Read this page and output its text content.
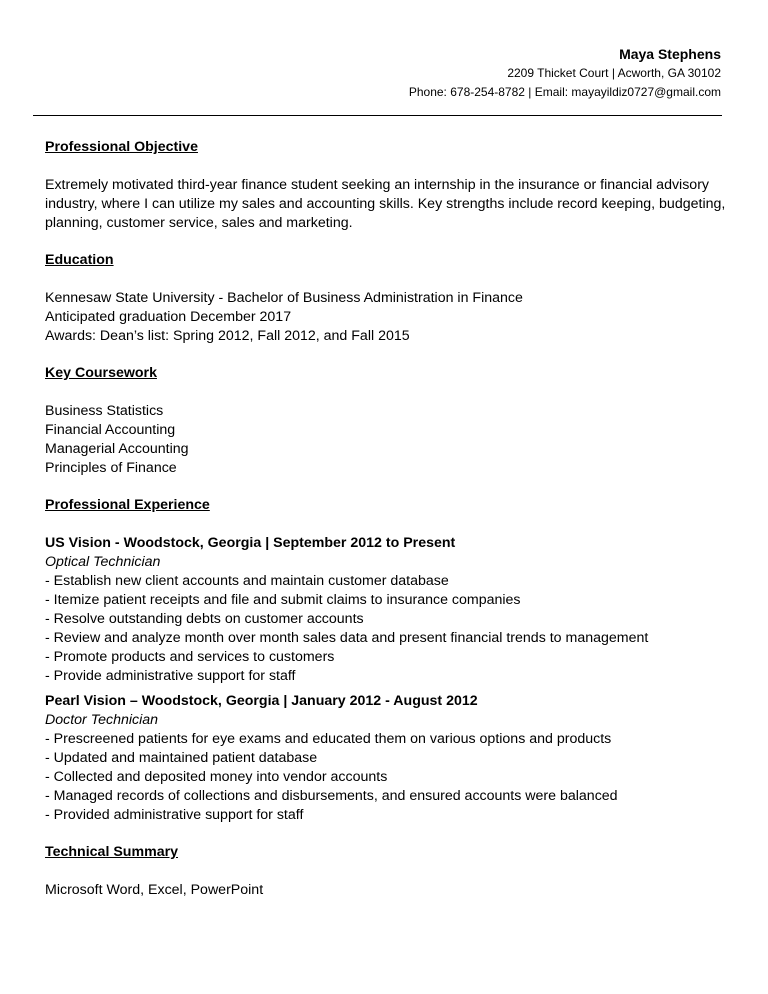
Maya Stephens
2209 Thicket Court | Acworth, GA 30102
Phone: 678-254-8782 | Email: mayayildiz0727@gmail.com
Professional Objective
Extremely motivated third-year finance student seeking an internship in the insurance or financial advisory
industry, where I can utilize my sales and accounting skills. Key strengths include record keeping, budgeting,
planning, customer service, sales and marketing.
Education
Kennesaw State University - Bachelor of Business Administration in Finance
Anticipated graduation December 2017
Awards: Dean’s list: Spring 2012, Fall 2012, and Fall 2015
Key Coursework
Business Statistics
Financial Accounting
Managerial Accounting
Principles of Finance
Professional Experience
US Vision - Woodstock, Georgia | September 2012 to Present
Optical Technician
- Establish new client accounts and maintain customer database
- Itemize patient receipts and file and submit claims to insurance companies
- Resolve outstanding debts on customer accounts
- Review and analyze month over month sales data and present financial trends to management
- Promote products and services to customers
- Provide administrative support for staff
Pearl Vision – Woodstock, Georgia | January 2012 - August 2012
Doctor Technician
- Prescreened patients for eye exams and educated them on various options and products
- Updated and maintained patient database
- Collected and deposited money into vendor accounts
- Managed records of collections and disbursements, and ensured accounts were balanced
- Provided administrative support for staff
Technical Summary
Microsoft Word, Excel, PowerPoint
